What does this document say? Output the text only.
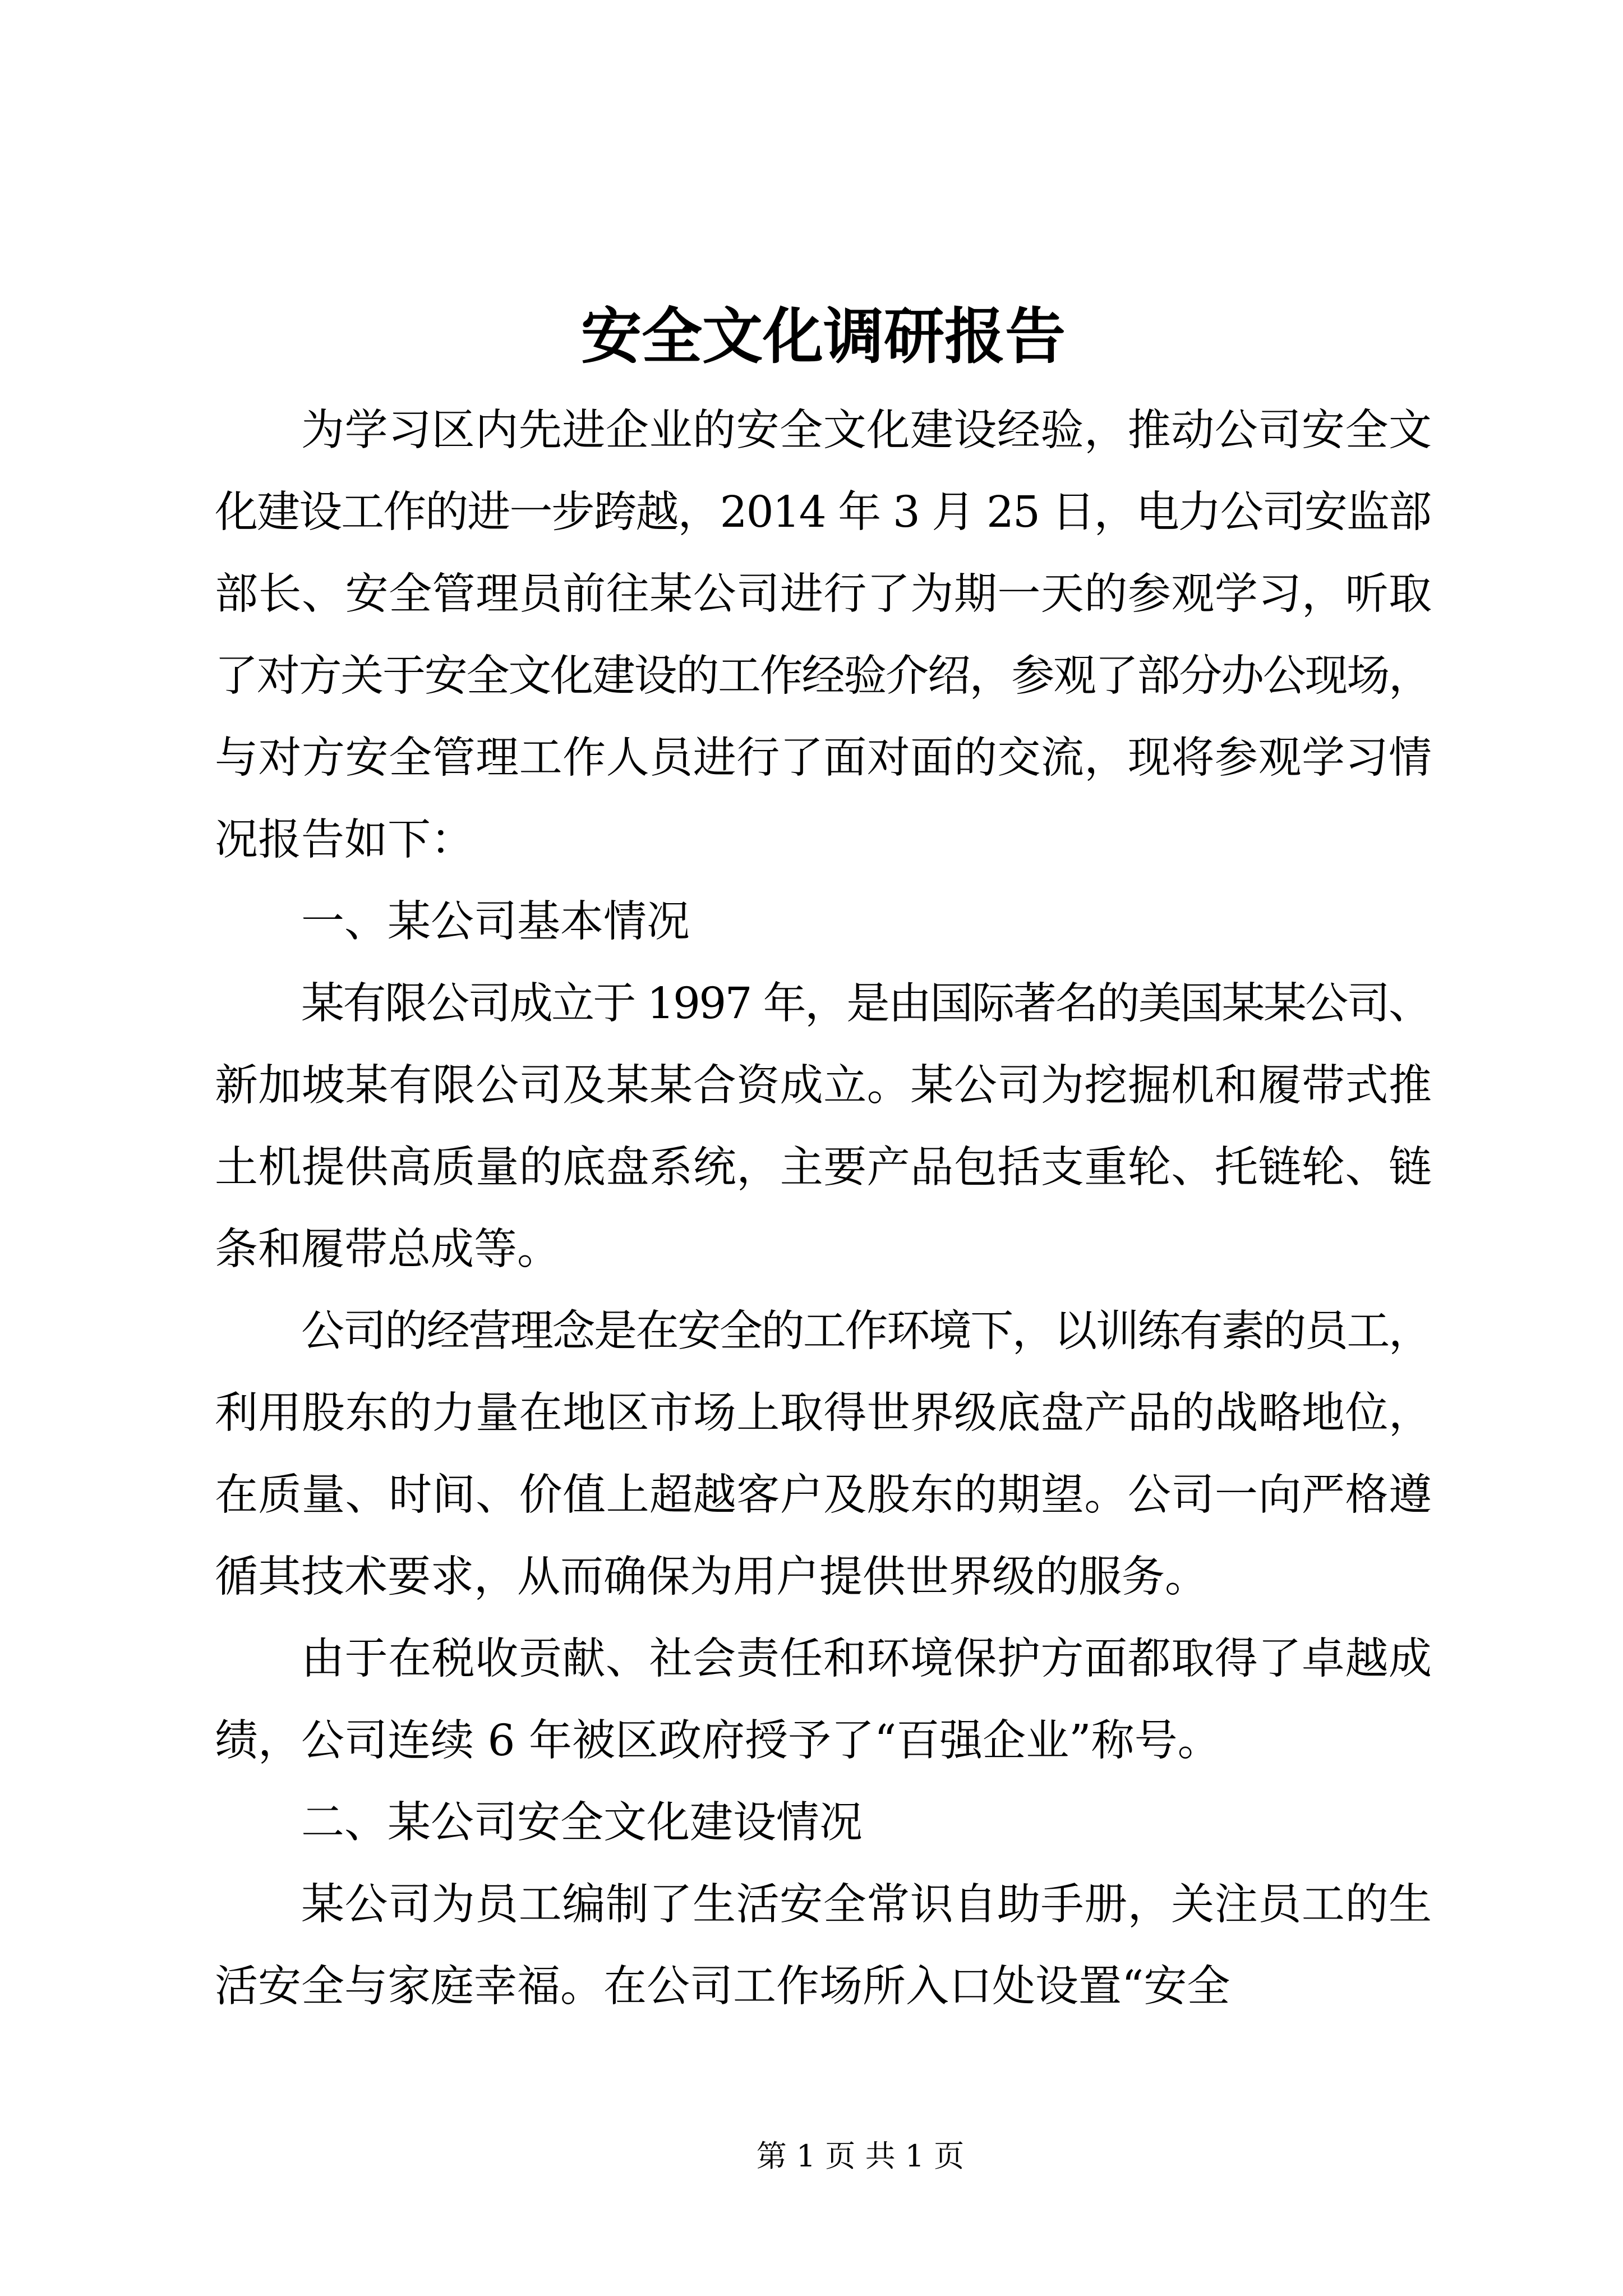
安全文化调研报告
为学习区内先进企业的安全文化建设经验，推动公司安全文
化建设工作的进一步跨越，2014 年 3 月 25 日，电力公司安监部
部长、安全管理员前往某公司进行了为期一天的参观学习，听取
了对方关于安全文化建设的工作经验介绍，参观了部分办公现场，
与对方安全管理工作人员进行了面对面的交流，现将参观学习情
况报告如下：
一、某公司基本情况
某有限公司成立于 1997 年，是由国际著名的美国某某公司、
新加坡某有限公司及某某合资成立。某公司为挖掘机和履带式推
土机提供高质量的底盘系统，主要产品包括支重轮、托链轮、链
条和履带总成等。
公司的经营理念是在安全的工作环境下，以训练有素的员工，
利用股东的力量在地区市场上取得世界级底盘产品的战略地位，
在质量、时间、价值上超越客户及股东的期望。公司一向严格遵
循其技术要求，从而确保为用户提供世界级的服务。
由于在税收贡献、社会责任和环境保护方面都取得了卓越成
绩，公司连续 6 年被区政府授予了“百强企业”称号。
二、某公司安全文化建设情况
某公司为员工编制了生活安全常识自助手册，关注员工的生
活安全与家庭幸福。在公司工作场所入口处设置“安全
第 1 页 共 1 页
